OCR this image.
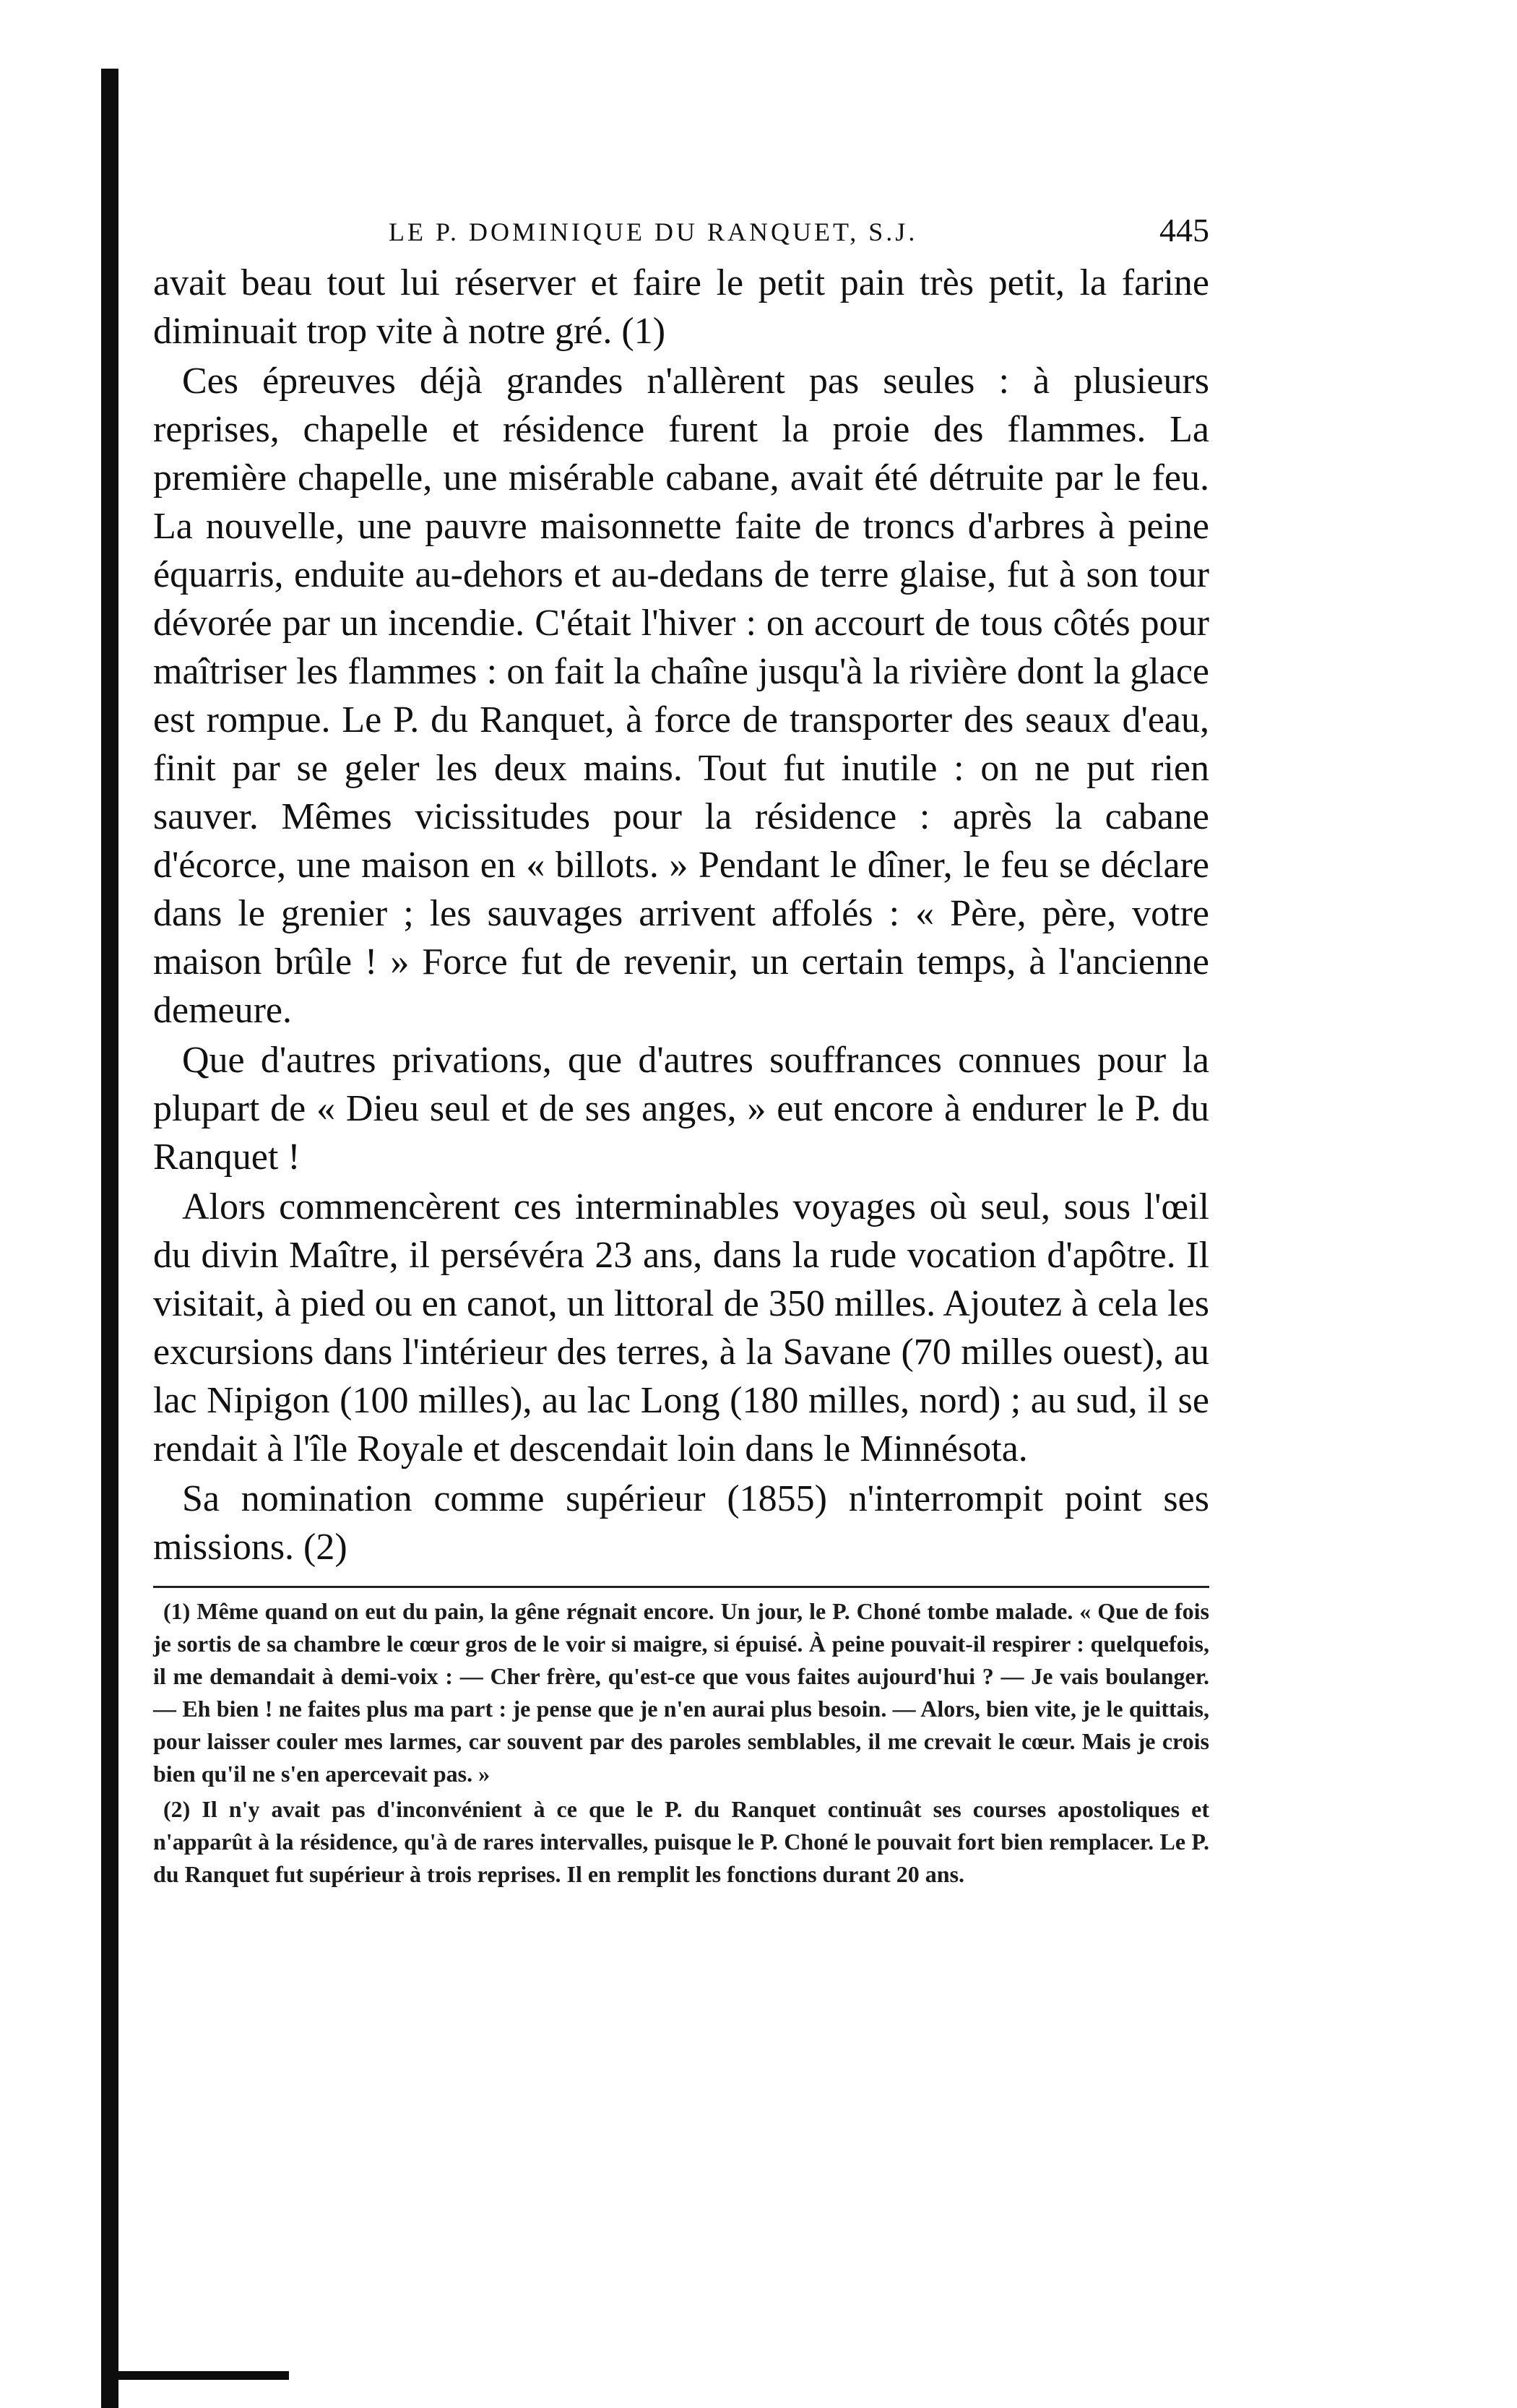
LE P. DOMINIQUE DU RANQUET, S.J.	445

avait beau tout lui réserver et faire le petit pain très petit, la farine diminuait trop vite à notre gré. (1)

Ces épreuves déjà grandes n'allèrent pas seules : à plusieurs reprises, chapelle et résidence furent la proie des flammes. La première chapelle, une misérable cabane, avait été détruite par le feu. La nouvelle, une pauvre maisonnette faite de troncs d'arbres à peine équarris, enduite au-dehors et au-dedans de terre glaise, fut à son tour dévorée par un incendie. C'était l'hiver : on accourt de tous côtés pour maîtriser les flammes : on fait la chaîne jusqu'à la rivière dont la glace est rompue. Le P. du Ranquet, à force de transporter des seaux d'eau, finit par se geler les deux mains. Tout fut inutile : on ne put rien sauver. Mêmes vicissitudes pour la résidence : après la cabane d'écorce, une maison en « billots. » Pendant le dîner, le feu se déclare dans le grenier ; les sauvages arrivent affolés : « Père, père, votre maison brûle ! » Force fut de revenir, un certain temps, à l'ancienne demeure.

Que d'autres privations, que d'autres souffrances connues pour la plupart de « Dieu seul et de ses anges, » eut encore à endurer le P. du Ranquet !

Alors commencèrent ces interminables voyages où seul, sous l'œil du divin Maître, il persévéra 23 ans, dans la rude vocation d'apôtre. Il visitait, à pied ou en canot, un littoral de 350 milles. Ajoutez à cela les excursions dans l'intérieur des terres, à la Savane (70 milles ouest), au lac Nipigon (100 milles), au lac Long (180 milles, nord) ; au sud, il se rendait à l'île Royale et descendait loin dans le Minnésota.

Sa nomination comme supérieur (1855) n'interrompit point ses missions. (2)

(1) Même quand on eut du pain, la gêne régnait encore. Un jour, le P. Choné tombe malade. « Que de fois je sortis de sa chambre le cœur gros de le voir si maigre, si épuisé. À peine pouvait-il respirer : quelquefois, il me demandait à demi-voix : — Cher frère, qu'est-ce que vous faites aujourd'hui ? — Je vais boulanger. — Eh bien ! ne faites plus ma part : je pense que je n'en aurai plus besoin. — Alors, bien vite, je le quittais, pour laisser couler mes larmes, car souvent par des paroles semblables, il me crevait le cœur. Mais je crois bien qu'il ne s'en apercevait pas. »

(2) Il n'y avait pas d'inconvénient à ce que le P. du Ranquet continuât ses courses apostoliques et n'apparût à la résidence, qu'à de rares intervalles, puisque le P. Choné le pouvait fort bien remplacer. Le P. du Ranquet fut supérieur à trois reprises. Il en remplit les fonctions durant 20 ans.
